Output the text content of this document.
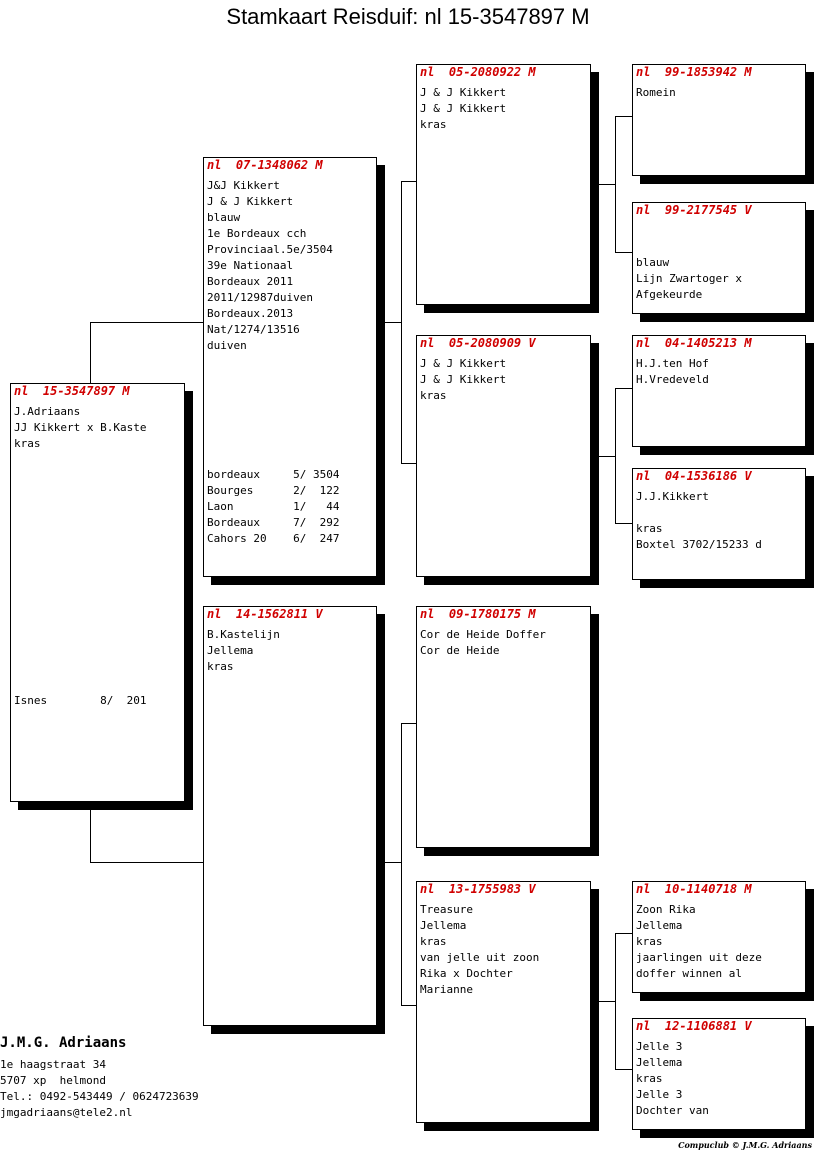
Stamkaart Reisduif: nl 15-3547897 M
nl  15-3547897 M
J.Adriaans
JJ Kikkert x B.Kaste
kras
Isnes        8/  201
nl  07-1348062 M
J&J Kikkert
J & J Kikkert
blauw
1e Bordeaux cch
Provinciaal.5e/3504
39e Nationaal
Bordeaux 2011
2011/12987duiven
Bordeaux.2013
Nat/1274/13516
duiven
bordeaux     5/ 3504
Bourges      2/  122
Laon         1/   44
Bordeaux     7/  292
Cahors 20    6/  247
nl  14-1562811 V
B.Kastelijn
Jellema
kras
nl  05-2080922 M
J & J Kikkert
J & J Kikkert
kras
nl  05-2080909 V
J & J Kikkert
J & J Kikkert
kras
nl  09-1780175 M
Cor de Heide Doffer
Cor de Heide
nl  13-1755983 V
Treasure
Jellema
kras
van jelle uit zoon
Rika x Dochter
Marianne
nl  99-1853942 M
Romein
nl  99-2177545 V
blauw
Lijn Zwartoger x
Afgekeurde
nl  04-1405213 M
H.J.ten Hof
H.Vredeveld
nl  04-1536186 V
J.J.Kikkert
kras
Boxtel 3702/15233 d
nl  10-1140718 M
Zoon Rika
Jellema
kras
jaarlingen uit deze
doffer winnen al
nl  12-1106881 V
Jelle 3
Jellema
kras
Jelle 3
Dochter van
J.M.G. Adriaans
1e haagstraat 34
5707 xp  helmond
Tel.: 0492-543449 / 0624723639
jmgadriaans@tele2.nl
Compuclub © J.M.G. Adriaans
